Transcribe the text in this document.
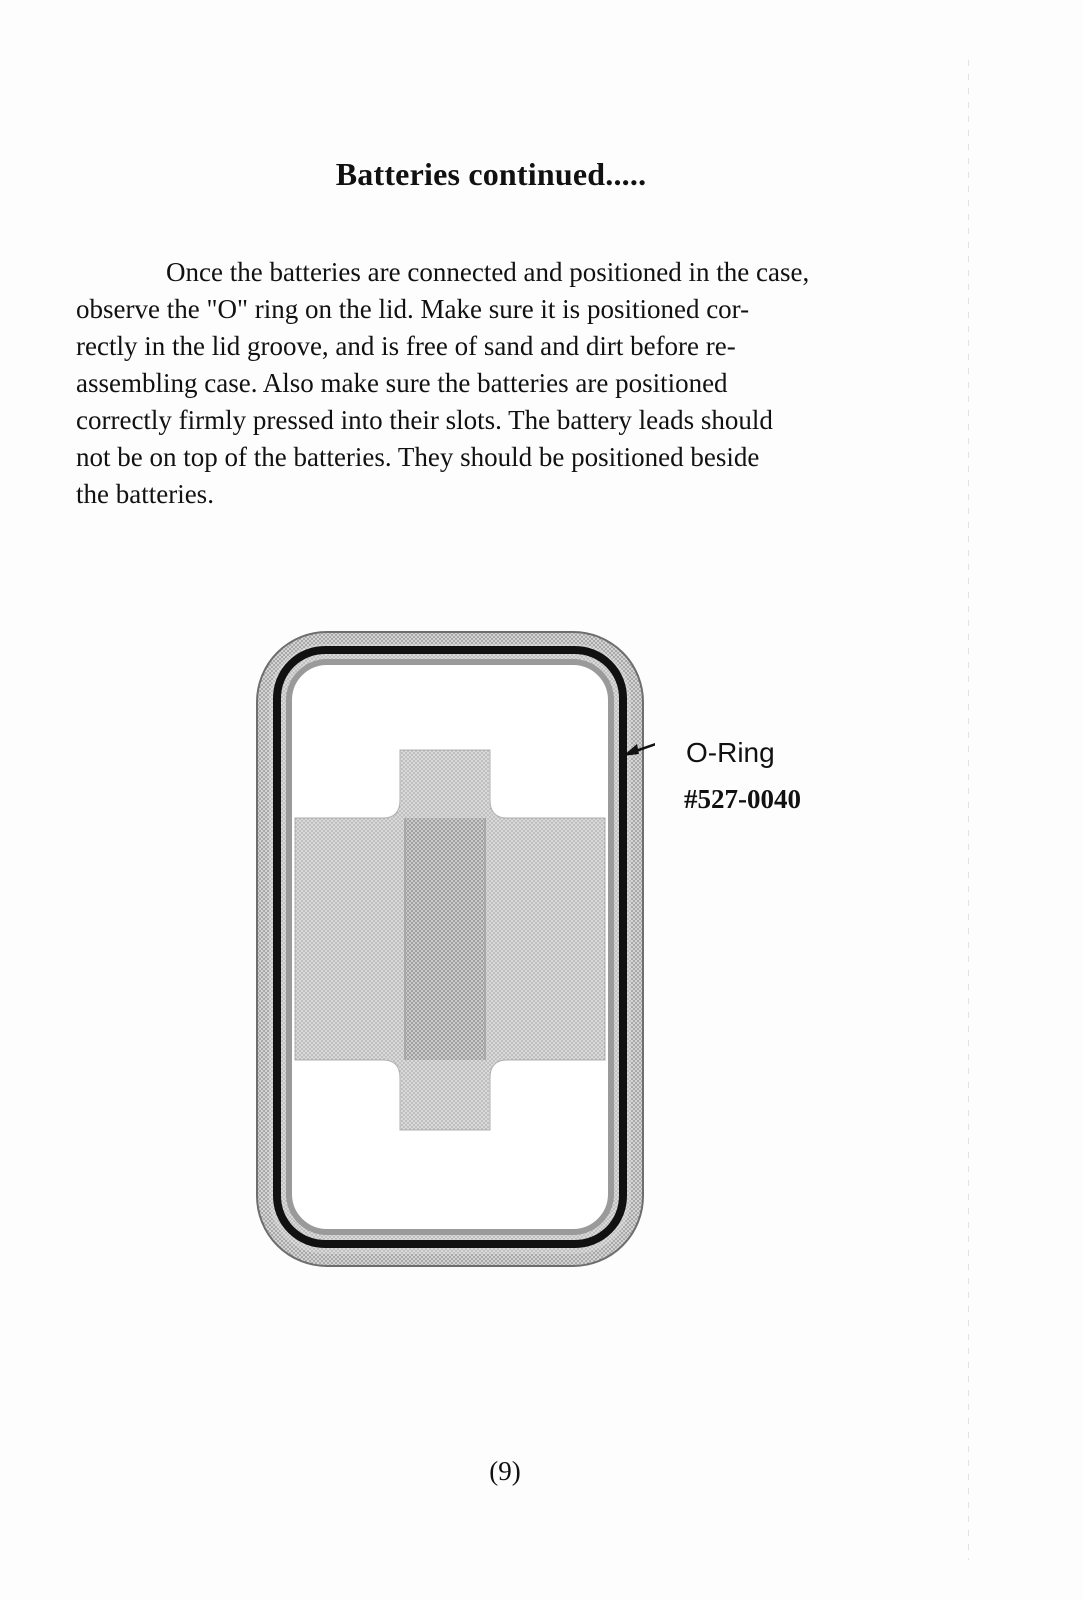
Batteries continued.....

Once the batteries are connected and positioned in the case,
observe the "O" ring on the lid. Make sure it is positioned cor-
rectly in the lid groove, and is free of sand and dirt before re-
assembling case. Also make sure the batteries are positioned
correctly firmly pressed into their slots. The battery leads should
not be on top of the batteries. They should be positioned beside
the batteries.

O-Ring
#527-0040
(9)
